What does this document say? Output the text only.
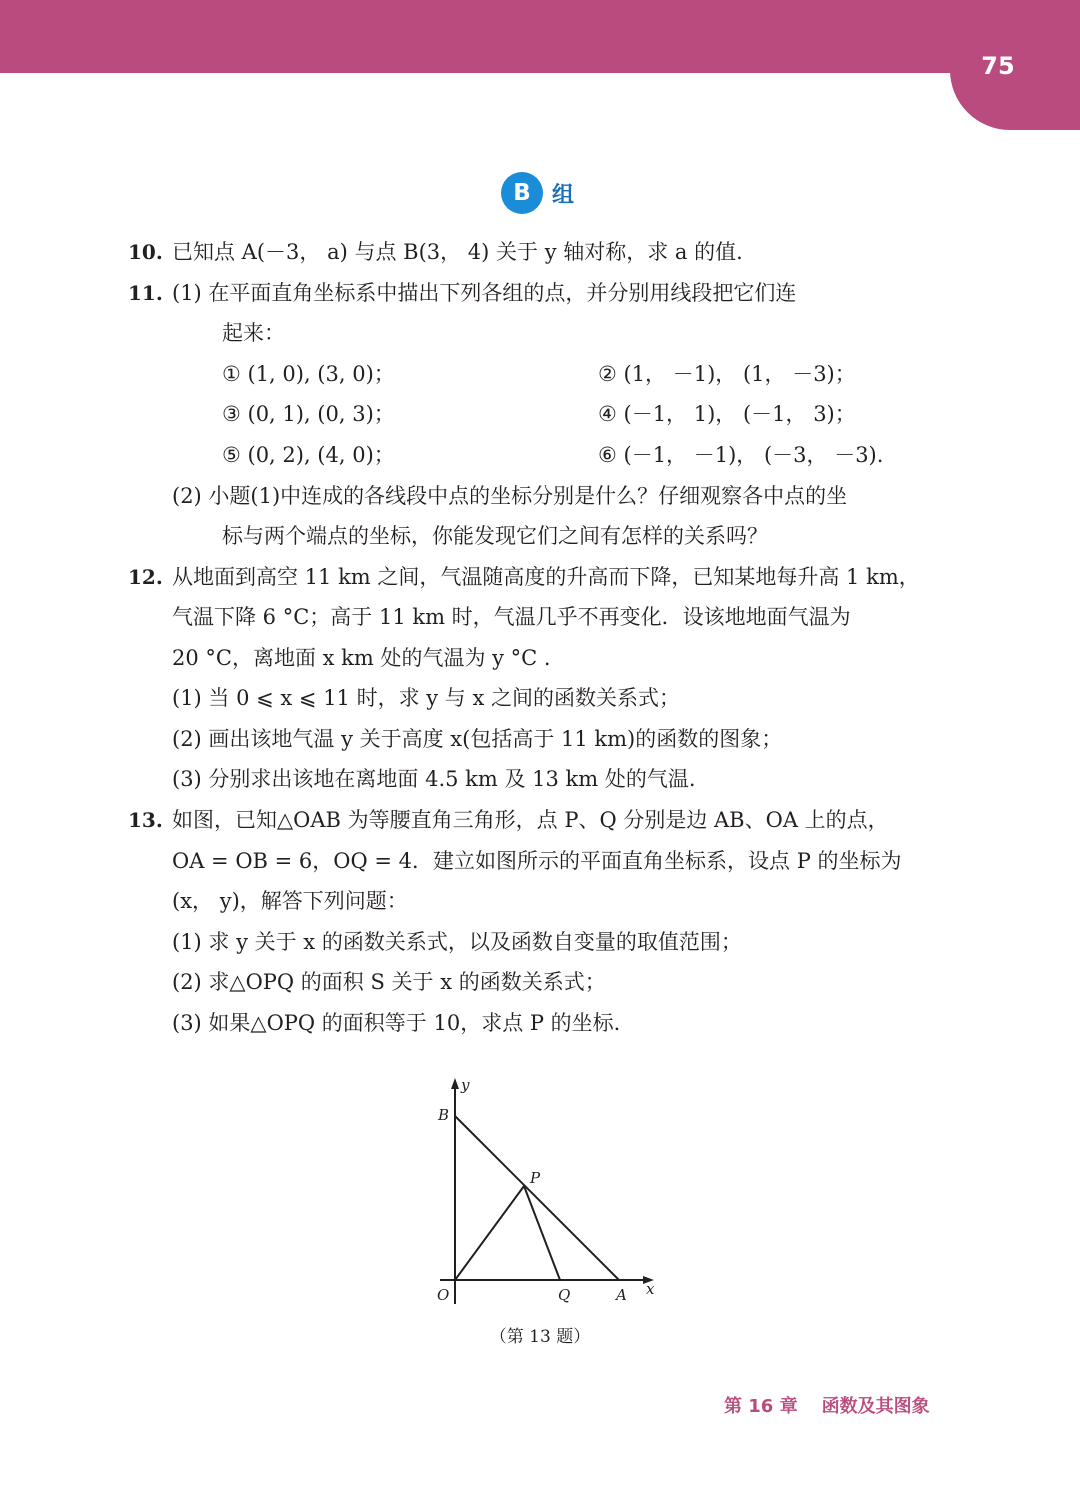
75
B 组
10. 已知点 A(－3， a) 与点 B(3， 4) 关于 y 轴对称，求 a 的值.
11. (1) 在平面直角坐标系中描出下列各组的点，并分别用线段把它们连
起来：
① (1, 0), (3, 0)；	② (1， －1)， (1， －3)；
③ (0, 1), (0, 3)；	④ (－1， 1)， (－1， 3)；
⑤ (0, 2), (4, 0)；	⑥ (－1， －1)， (－3， －3).
(2) 小题(1)中连成的各线段中点的坐标分别是什么？仔细观察各中点的坐
标与两个端点的坐标，你能发现它们之间有怎样的关系吗？
12. 从地面到高空 11 km 之间，气温随高度的升高而下降，已知某地每升高 1 km，
气温下降 6 °C；高于 11 km 时，气温几乎不再变化．设该地地面气温为
20 °C，离地面 x km 处的气温为 y °C .
(1) 当 0 ⩽ x ⩽ 11 时，求 y 与 x 之间的函数关系式；
(2) 画出该地气温 y 关于高度 x(包括高于 11 km)的函数的图象；
(3) 分别求出该地在离地面 4.5 km 及 13 km 处的气温.
13. 如图，已知△OAB 为等腰直角三角形，点 P、Q 分别是边 AB、OA 上的点，
OA = OB = 6，OQ = 4．建立如图所示的平面直角坐标系，设点 P 的坐标为
(x， y)，解答下列问题：
(1) 求 y 关于 x 的函数关系式，以及函数自变量的取值范围；
(2) 求△OPQ 的面积 S 关于 x 的函数关系式；
(3) 如果△OPQ 的面积等于 10，求点 P 的坐标.
y
B
P
O	Q	A x
（第 13 题）
第 16 章 函数及其图象
